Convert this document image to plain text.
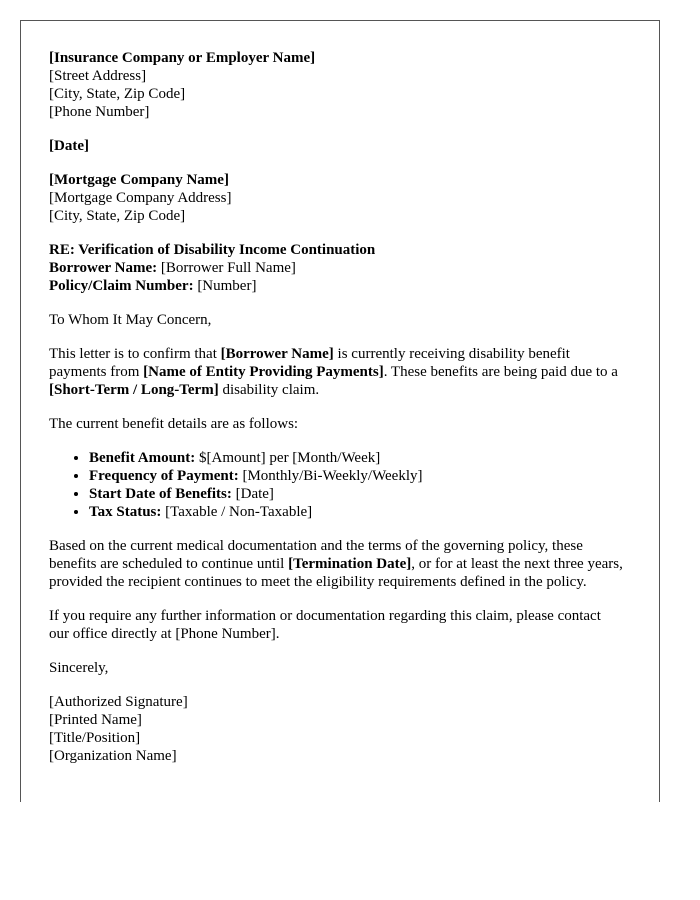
[Insurance Company or Employer Name]
[Street Address]
[City, State, Zip Code]
[Phone Number]
[Date]
[Mortgage Company Name]
[Mortgage Company Address]
[City, State, Zip Code]
RE: Verification of Disability Income Continuation
Borrower Name: [Borrower Full Name]
Policy/Claim Number: [Number]

To Whom It May Concern,

This letter is to confirm that [Borrower Name] is currently receiving disability benefit payments from [Name of Entity Providing Payments]. These benefits are being paid due to a [Short-Term / Long-Term] disability claim.

The current benefit details are as follows:

• Benefit Amount: $[Amount] per [Month/Week]
• Frequency of Payment: [Monthly/Bi-Weekly/Weekly]
• Start Date of Benefits: [Date]
• Tax Status: [Taxable / Non-Taxable]

Based on the current medical documentation and the terms of the governing policy, these benefits are scheduled to continue until [Termination Date], or for at least the next three years, provided the recipient continues to meet the eligibility requirements defined in the policy.

If you require any further information or documentation regarding this claim, please contact our office directly at [Phone Number].

Sincerely,

[Authorized Signature]
[Printed Name]
[Title/Position]
[Organization Name]
